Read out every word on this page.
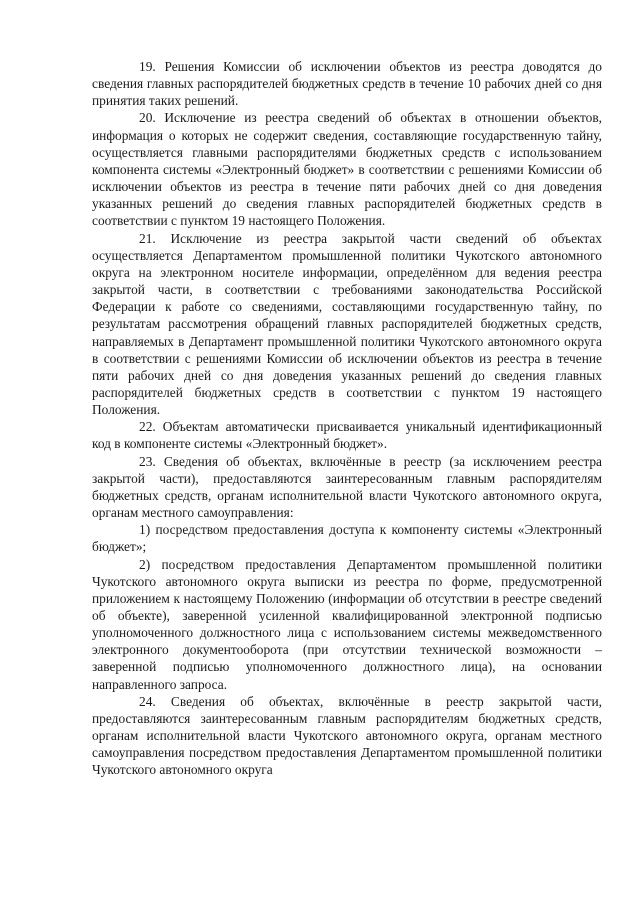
19. Решения Комиссии об исключении объектов из реестра доводятся до сведения главных распорядителей бюджетных средств в течение 10 рабочих дней со дня принятия таких решений.

20. Исключение из реестра сведений об объектах в отношении объектов, информация о которых не содержит сведения, составляющие государственную тайну, осуществляется главными распорядителями бюджетных средств с использованием компонента системы «Электронный бюджет» в соответствии с решениями Комиссии об исключении объектов из реестра в течение пяти рабочих дней со дня доведения указанных решений до сведения главных распорядителей бюджетных средств в соответствии с пунктом 19 настоящего Положения.

21. Исключение из реестра закрытой части сведений об объектах осуществляется Департаментом промышленной политики Чукотского автономного округа на электронном носителе информации, определённом для ведения реестра закрытой части, в соответствии с требованиями законодательства Российской Федерации к работе со сведениями, составляющими государственную тайну, по результатам рассмотрения обращений главных распорядителей бюджетных средств, направляемых в Департамент промышленной политики Чукотского автономного округа в соответствии с решениями Комиссии об исключении объектов из реестра в течение пяти рабочих дней со дня доведения указанных решений до сведения главных распорядителей бюджетных средств в соответствии с пунктом 19 настоящего Положения.

22. Объектам автоматически присваивается уникальный идентификационный код в компоненте системы «Электронный бюджет».

23. Сведения об объектах, включённые в реестр (за исключением реестра закрытой части), предоставляются заинтересованным главным распорядителям бюджетных средств, органам исполнительной власти Чукотского автономного округа, органам местного самоуправления:

1) посредством предоставления доступа к компоненту системы «Электронный бюджет»;

2) посредством предоставления Департаментом промышленной политики Чукотского автономного округа выписки из реестра по форме, предусмотренной приложением к настоящему Положению (информации об отсутствии в реестре сведений об объекте), заверенной усиленной квалифицированной электронной подписью уполномоченного должностного лица с использованием системы межведомственного электронного документооборота (при отсутствии технической возможности – заверенной подписью уполномоченного должностного лица), на основании направленного запроса.

24. Сведения об объектах, включённые в реестр закрытой части, предоставляются заинтересованным главным распорядителям бюджетных средств, органам исполнительной власти Чукотского автономного округа, органам местного самоуправления посредством предоставления Департаментом промышленной политики Чукотского автономного округа
